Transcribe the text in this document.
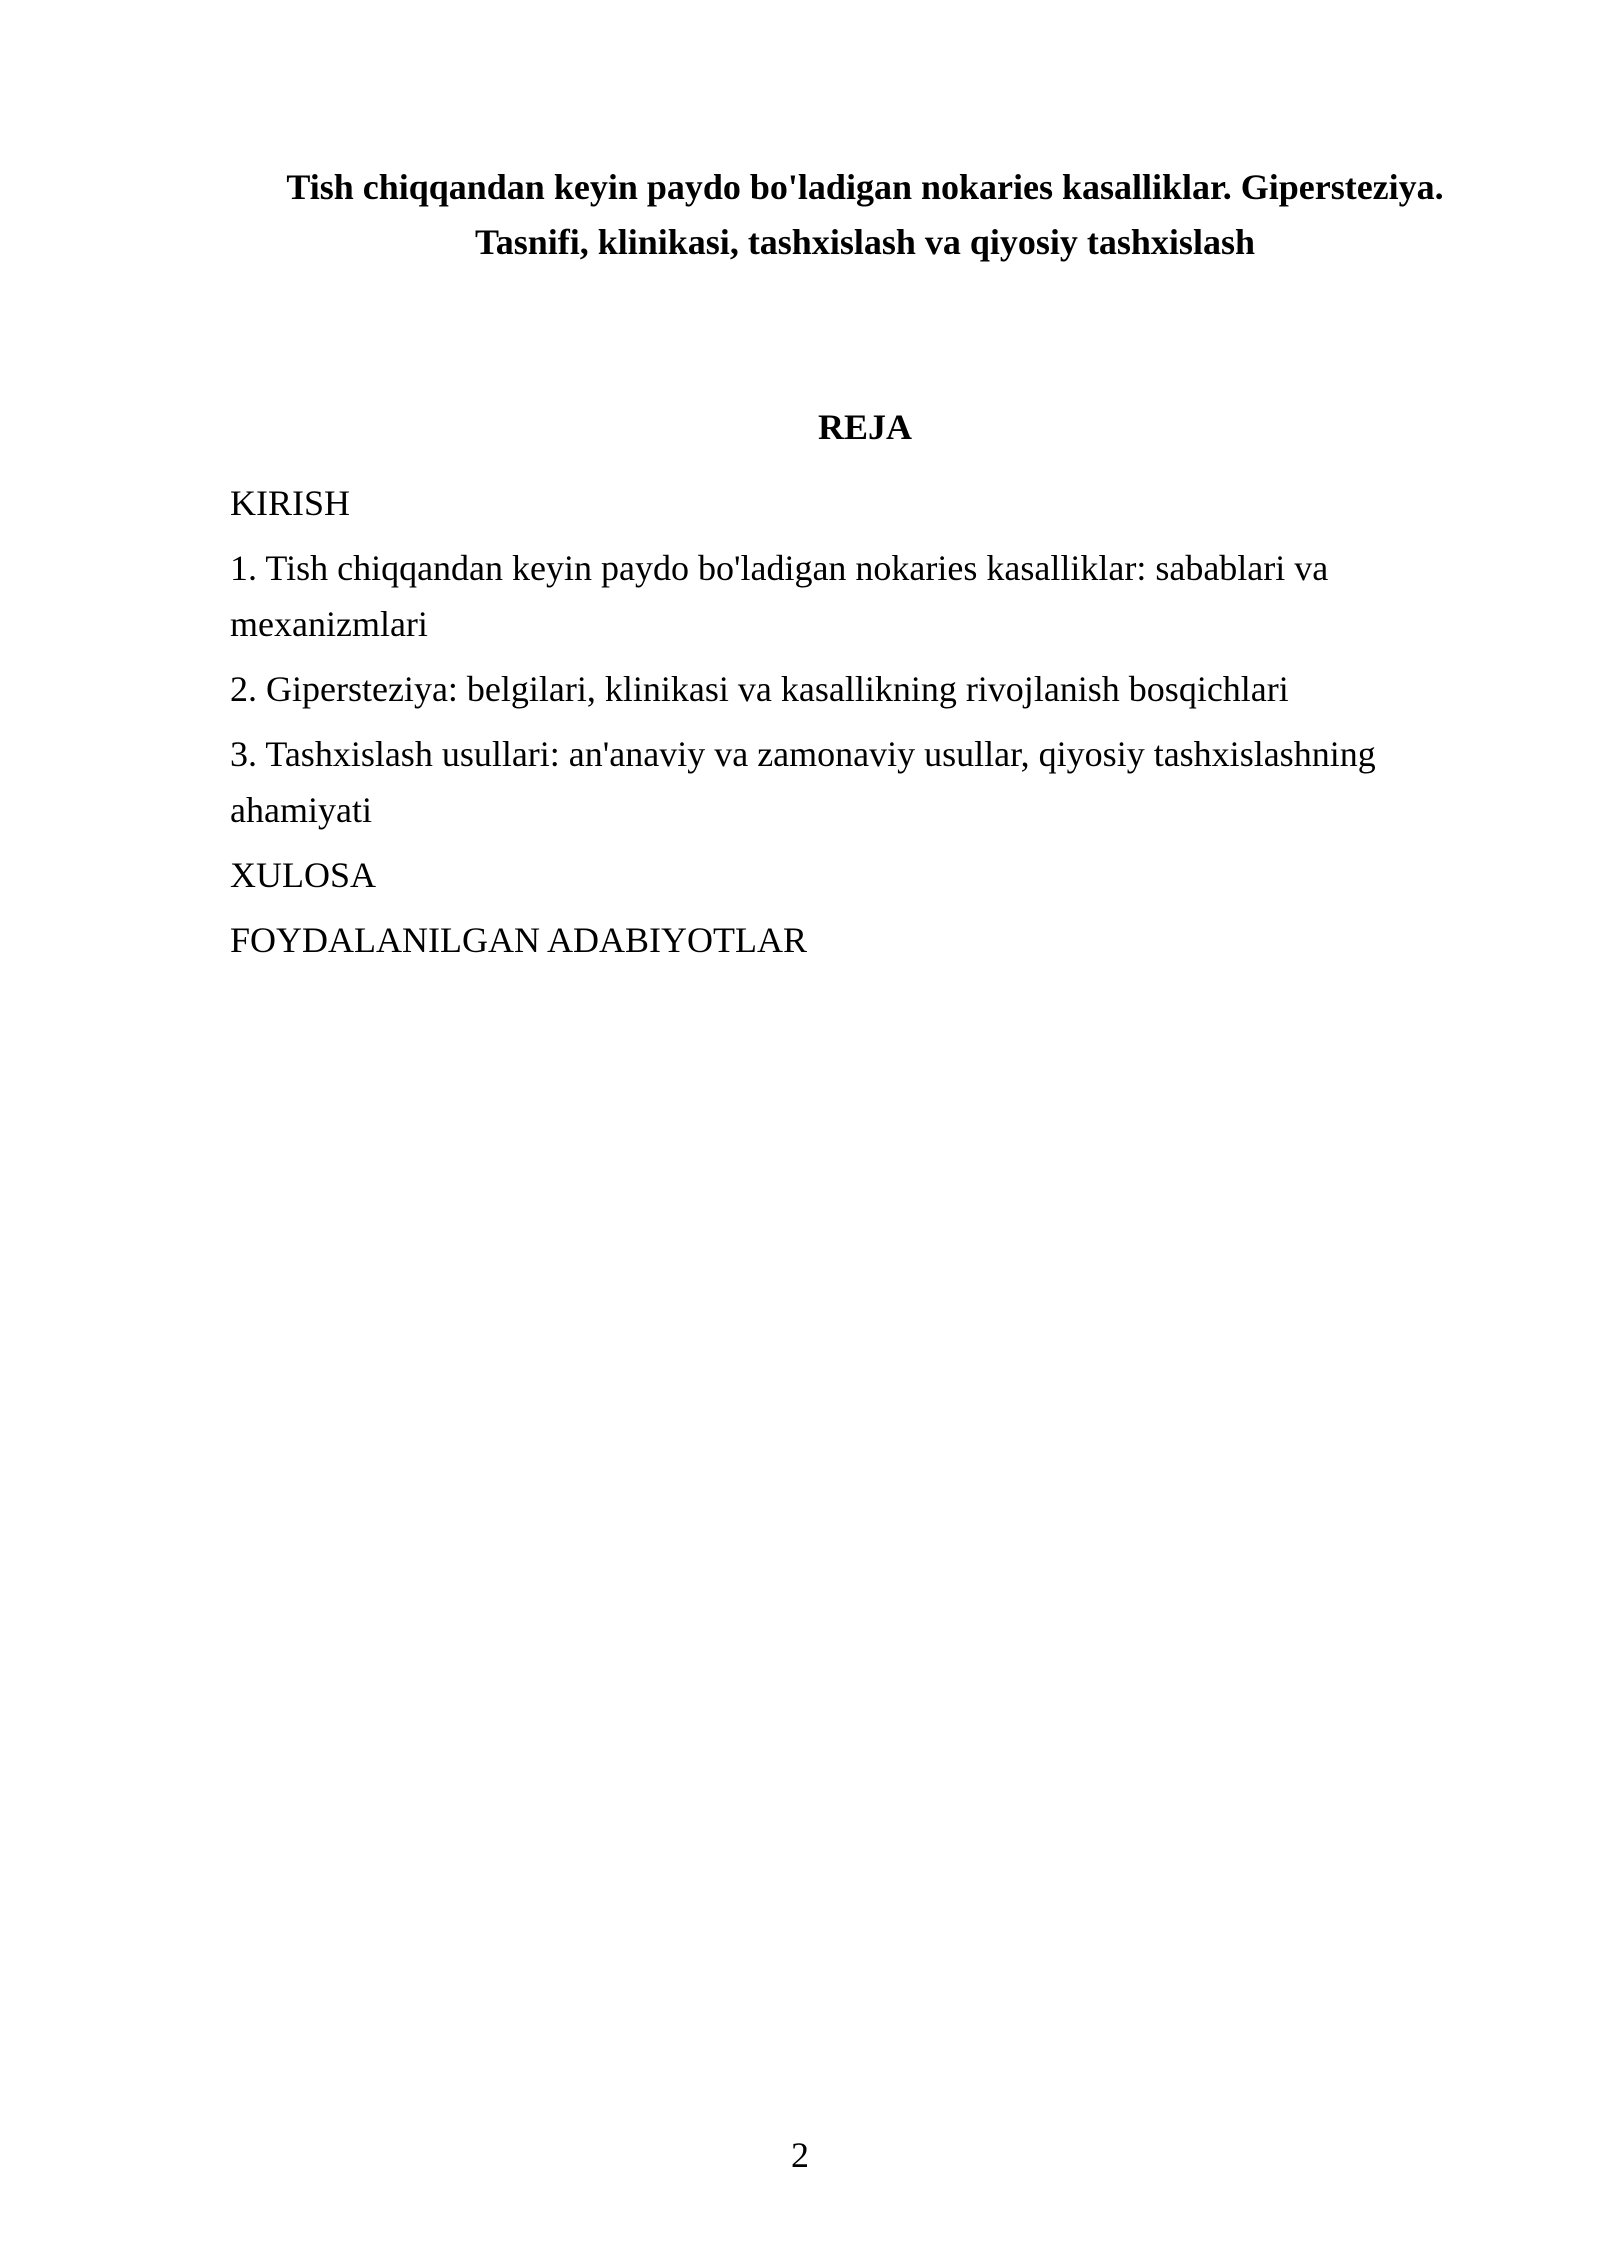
Tish chiqqandan keyin paydo bo'ladigan nokaries kasalliklar. Gipersteziya.
Tasnifi, klinikasi, tashxislash va qiyosiy tashxislash
REJA
KIRISH
1. Tish chiqqandan keyin paydo bo'ladigan nokaries kasalliklar: sabablari va mexanizmlari
2. Gipersteziya: belgilari, klinikasi va kasallikning rivojlanish bosqichlari
3. Tashxislash usullari: an'anaviy va zamonaviy usullar, qiyosiy tashxislashning ahamiyati
XULOSA
FOYDALANILGAN ADABIYOTLAR
2
